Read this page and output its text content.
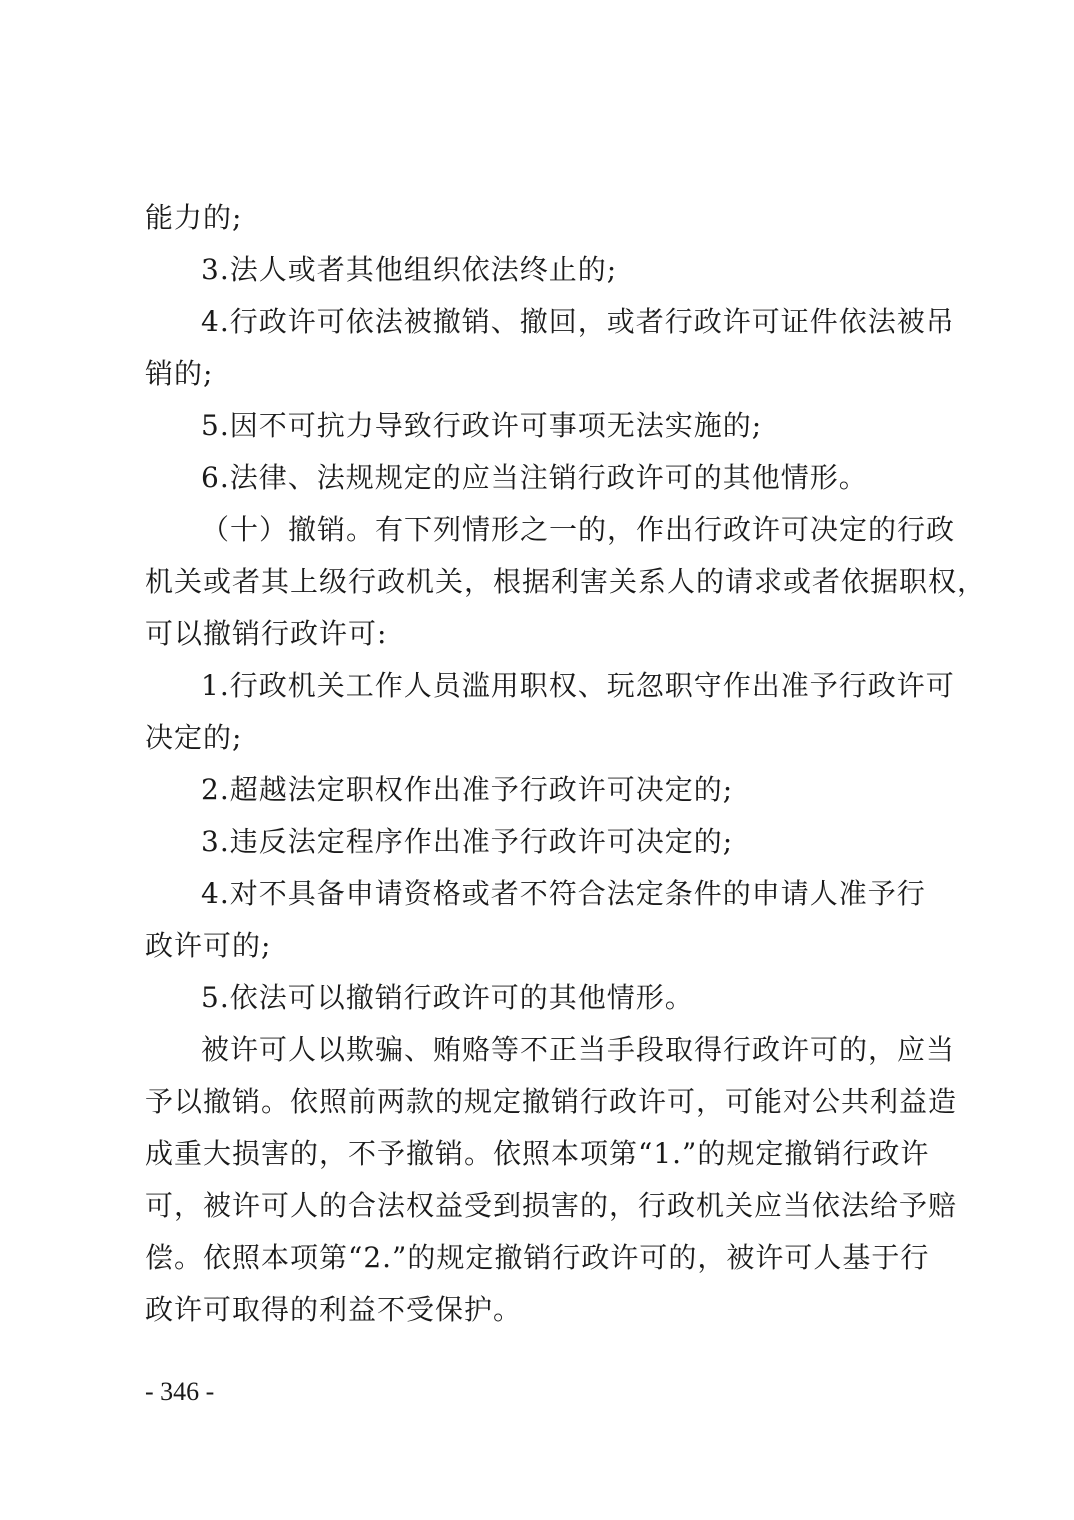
能力的;
3.法人或者其他组织依法终止的;
4.行政许可依法被撤销、撤回，或者行政许可证件依法被吊
销的;
5.因不可抗力导致行政许可事项无法实施的;
6.法律、法规规定的应当注销行政许可的其他情形。
（十）撤销。有下列情形之一的，作出行政许可决定的行政
机关或者其上级行政机关，根据利害关系人的请求或者依据职权，
可以撤销行政许可:
1.行政机关工作人员滥用职权、玩忽职守作出准予行政许可
决定的;
2.超越法定职权作出准予行政许可决定的;
3.违反法定程序作出准予行政许可决定的;
4.对不具备申请资格或者不符合法定条件的申请人准予行
政许可的;
5.依法可以撤销行政许可的其他情形。
被许可人以欺骗、贿赂等不正当手段取得行政许可的，应当
予以撤销。依照前两款的规定撤销行政许可，可能对公共利益造
成重大损害的，不予撤销。依照本项第“1.”的规定撤销行政许
可，被许可人的合法权益受到损害的，行政机关应当依法给予赔
偿。依照本项第“2.”的规定撤销行政许可的，被许可人基于行
政许可取得的利益不受保护。
- 346 -
